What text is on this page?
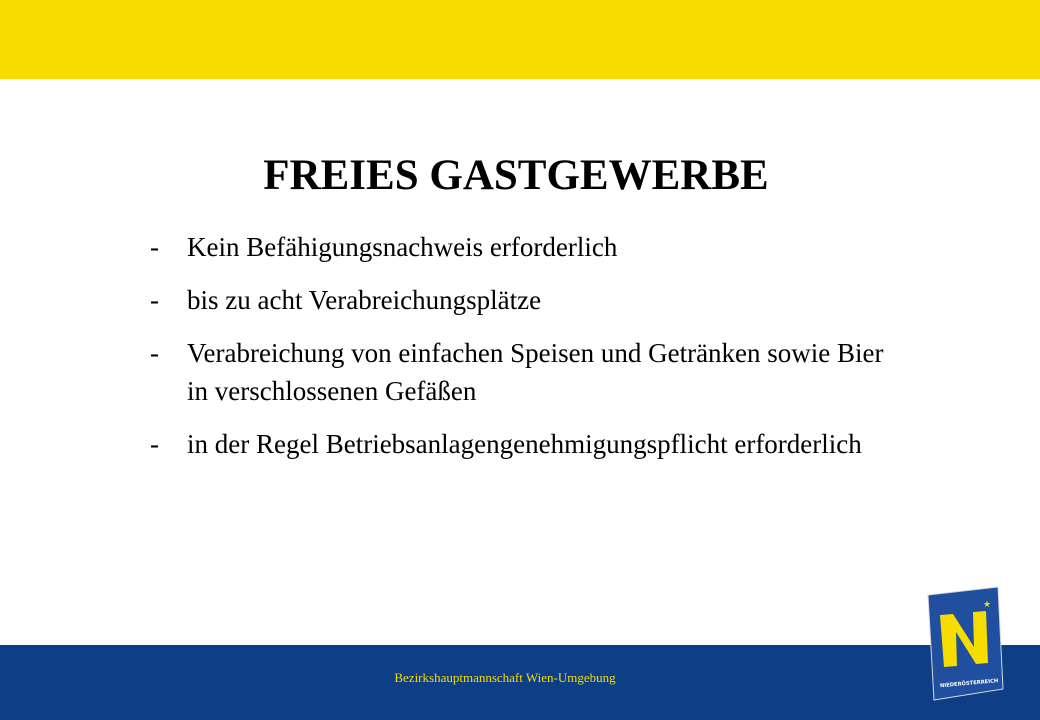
FREIES GASTGEWERBE
-	Kein Befähigungsnachweis erforderlich
-	bis zu acht Verabreichungsplätze
-	Verabreichung von einfachen Speisen und Getränken sowie Bier in verschlossenen Gefäßen
-	in der Regel Betriebsanlagengenehmigungspflicht erforderlich
Bezirkshauptmannschaft Wien-Umgebung
★
NIEDERÖSTERREICH
